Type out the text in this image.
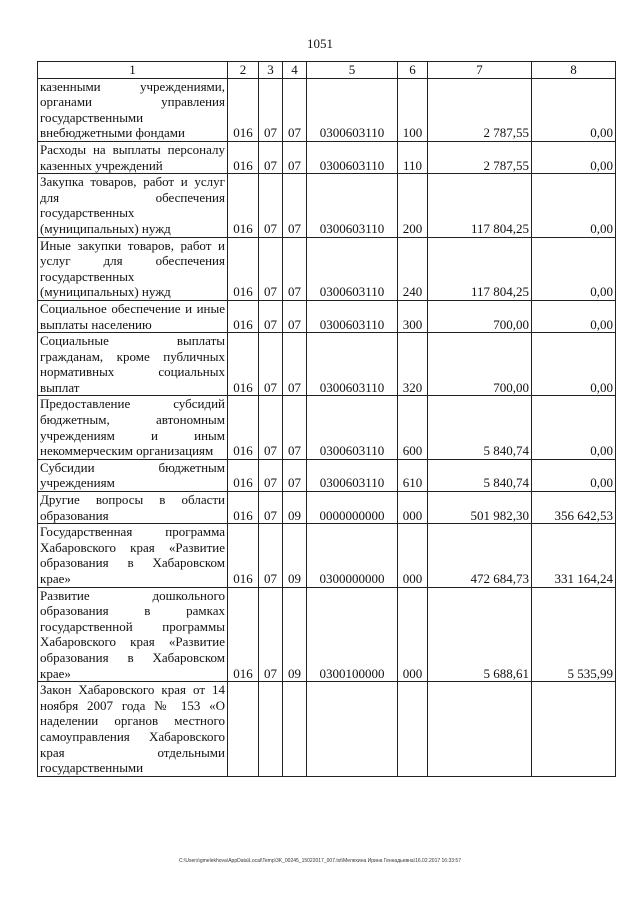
1051
1	2	3	4	5	6	7	8
казенными учреждениями, органами управления государственными внебюджетными фондами	016	07	07	0300603110	100	2 787,55	0,00
Расходы на выплаты персоналу казенных учреждений	016	07	07	0300603110	110	2 787,55	0,00
Закупка товаров, работ и услуг для обеспечения государственных (муниципальных) нужд	016	07	07	0300603110	200	117 804,25	0,00
Иные закупки товаров, работ и услуг для обеспечения государственных (муниципальных) нужд	016	07	07	0300603110	240	117 804,25	0,00
Социальное обеспечение и иные выплаты населению	016	07	07	0300603110	300	700,00	0,00
Социальные выплаты гражданам, кроме публичных нормативных социальных выплат	016	07	07	0300603110	320	700,00	0,00
Предоставление субсидий бюджетным, автономным учреждениям и иным некоммерческим организациям	016	07	07	0300603110	600	5 840,74	0,00
Субсидии бюджетным учреждениям	016	07	07	0300603110	610	5 840,74	0,00
Другие вопросы в области образования	016	07	09	0000000000	000	501 982,30	356 642,53
Государственная программа Хабаровского края «Развитие образования в Хабаровском крае»	016	07	09	0300000000	000	472 684,73	331 164,24
Развитие дошкольного образования в рамках государственной программы Хабаровского края «Развитие образования в Хабаровском крае»	016	07	09	0300100000	000	5 688,61	5 535,99
Закон Хабаровского края от 14 ноября 2007 года № 153 «О наделении органов местного самоуправления Хабаровского края отдельными государственными							
C:\Users\gmelekhova\AppData\Local\Temp\3K_00245_15022017_007.txt\Мелехина Ирина Геннадьевна\16.02.2017 16:33:57
